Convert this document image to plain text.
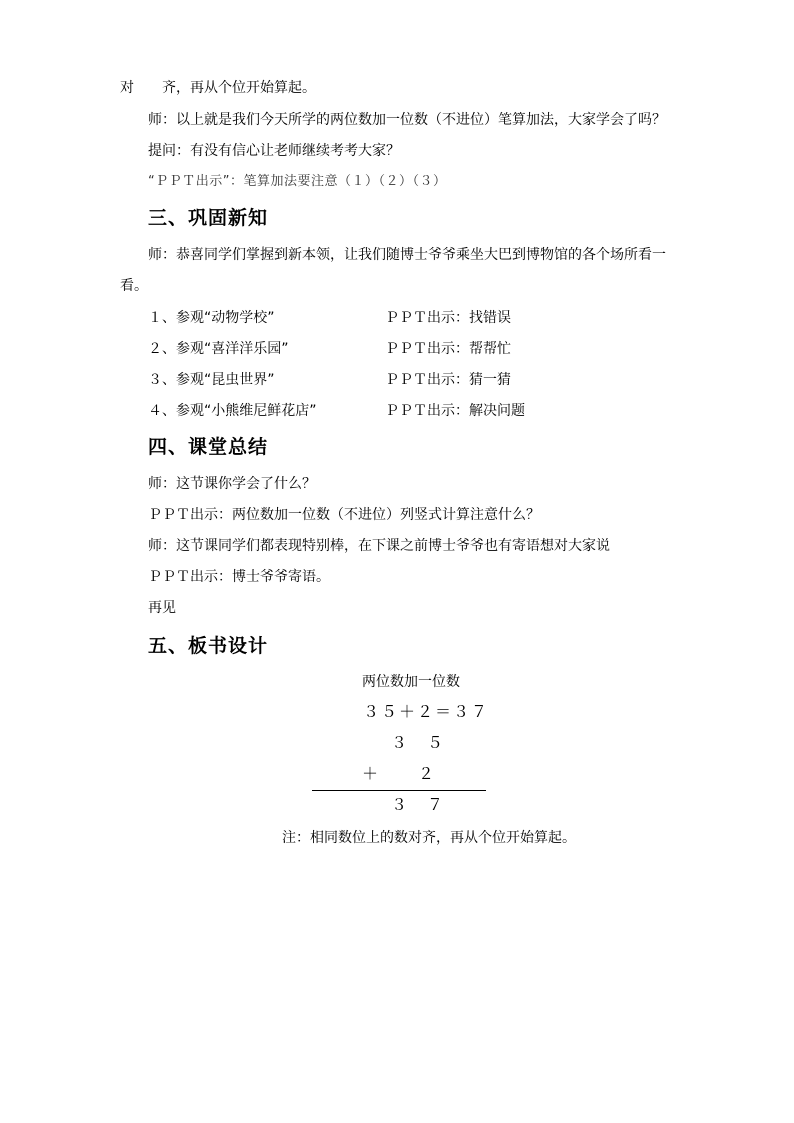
对　　齐，再从个位开始算起。
师：以上就是我们今天所学的两位数加一位数（不进位）笔算加法，大家学会了吗？
提问：有没有信心让老师继续考考大家？
“ＰＰＴ出示”：笔算加法要注意（１）（２）（３）
三、巩固新知
师：恭喜同学们掌握到新本领，让我们随博士爷爷乘坐大巴到博物馆的各个场所看一
看。
１、参观“动物学校”	ＰＰＴ出示：找错误
２、参观“喜洋洋乐园”	ＰＰＴ出示：帮帮忙
３、参观“昆虫世界”	ＰＰＴ出示：猜一猜
４、参观“小熊维尼鲜花店”	ＰＰＴ出示：解决问题
四、课堂总结
师：这节课你学会了什么？
ＰＰＴ出示：两位数加一位数（不进位）列竖式计算注意什么？
师：这节课同学们都表现特别棒，在下课之前博士爷爷也有寄语想对大家说
ＰＰＴ出示：博士爷爷寄语。
再见
五、板书设计
两位数加一位数
３５＋２＝３７
３　５
＋ ２
３　７
注：相同数位上的数对齐，再从个位开始算起。
